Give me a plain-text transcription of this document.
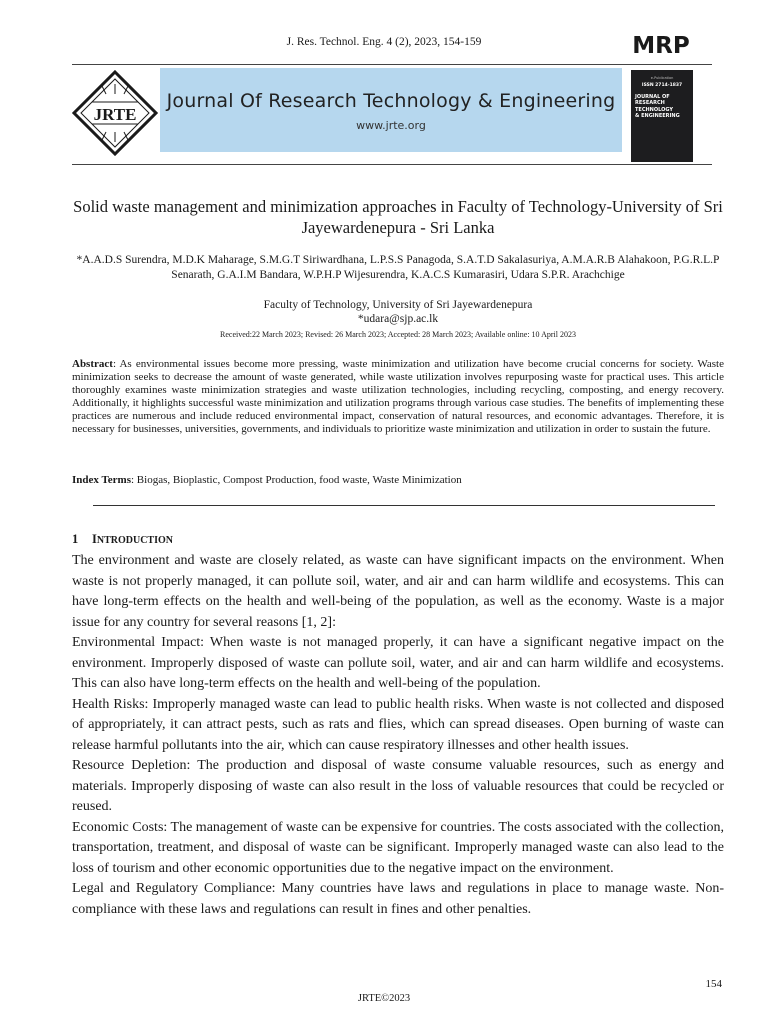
J. Res. Technol. Eng. 4 (2), 2023, 154-159	MRP
JRTE
Journal Of Research Technology & Engineering
www.jrte.org
e-Publication
ISSN 2714-1837
JOURNAL OF
RESEARCH
TECHNOLOGY
& ENGINEERING
Solid waste management and minimization approaches in Faculty of Technology-University of Sri Jayewardenepura - Sri Lanka
*A.A.D.S Surendra, M.D.K Maharage, S.M.G.T Siriwardhana, L.P.S.S Panagoda, S.A.T.D Sakalasuriya, A.M.A.R.B Alahakoon, P.G.R.L.P Senarath, G.A.I.M Bandara, W.P.H.P Wijesurendra, K.A.C.S Kumarasiri, Udara S.P.R. Arachchige
Faculty of Technology, University of Sri Jayewardenepura
*udara@sjp.ac.lk
Received:22 March 2023; Revised: 26 March 2023; Accepted: 28 March 2023; Available online: 10 April 2023
Abstract: As environmental issues become more pressing, waste minimization and utilization have become crucial concerns for society. Waste minimization seeks to decrease the amount of waste generated, while waste utilization involves repurposing waste for practical uses. This article thoroughly examines waste minimization strategies and waste utilization technologies, including recycling, composting, and energy recovery. Additionally, it highlights successful waste minimization and utilization programs through various case studies. The benefits of implementing these practices are numerous and include reduced environmental impact, conservation of natural resources, and economic advantages. Therefore, it is necessary for businesses, universities, governments, and individuals to prioritize waste minimization and utilization in order to sustain the future.
Index Terms: Biogas, Bioplastic, Compost Production, food waste, Waste Minimization
1 INTRODUCTION

The environment and waste are closely related, as waste can have significant impacts on the environment. When waste is not properly managed, it can pollute soil, water, and air and can harm wildlife and ecosystems. This can have long-term effects on the health and well-being of the population, as well as the economy. Waste is a major issue for any country for several reasons [1, 2]:

Environmental Impact: When waste is not managed properly, it can have a significant negative impact on the environment. Improperly disposed of waste can pollute soil, water, and air and can harm wildlife and ecosystems. This can also have long-term effects on the health and well-being of the population.

Health Risks: Improperly managed waste can lead to public health risks. When waste is not collected and disposed of appropriately, it can attract pests, such as rats and flies, which can spread diseases. Open burning of waste can release harmful pollutants into the air, which can cause respiratory illnesses and other health issues.

Resource Depletion: The production and disposal of waste consume valuable resources, such as energy and materials. Improperly disposing of waste can also result in the loss of valuable resources that could be recycled or reused.

Economic Costs: The management of waste can be expensive for countries. The costs associated with the collection, transportation, treatment, and disposal of waste can be significant. Improperly managed waste can also lead to the loss of tourism and other economic opportunities due to the negative impact on the environment.

Legal and Regulatory Compliance: Many countries have laws and regulations in place to manage waste. Non-compliance with these laws and regulations can result in fines and other penalties.

154
JRTE©2023
